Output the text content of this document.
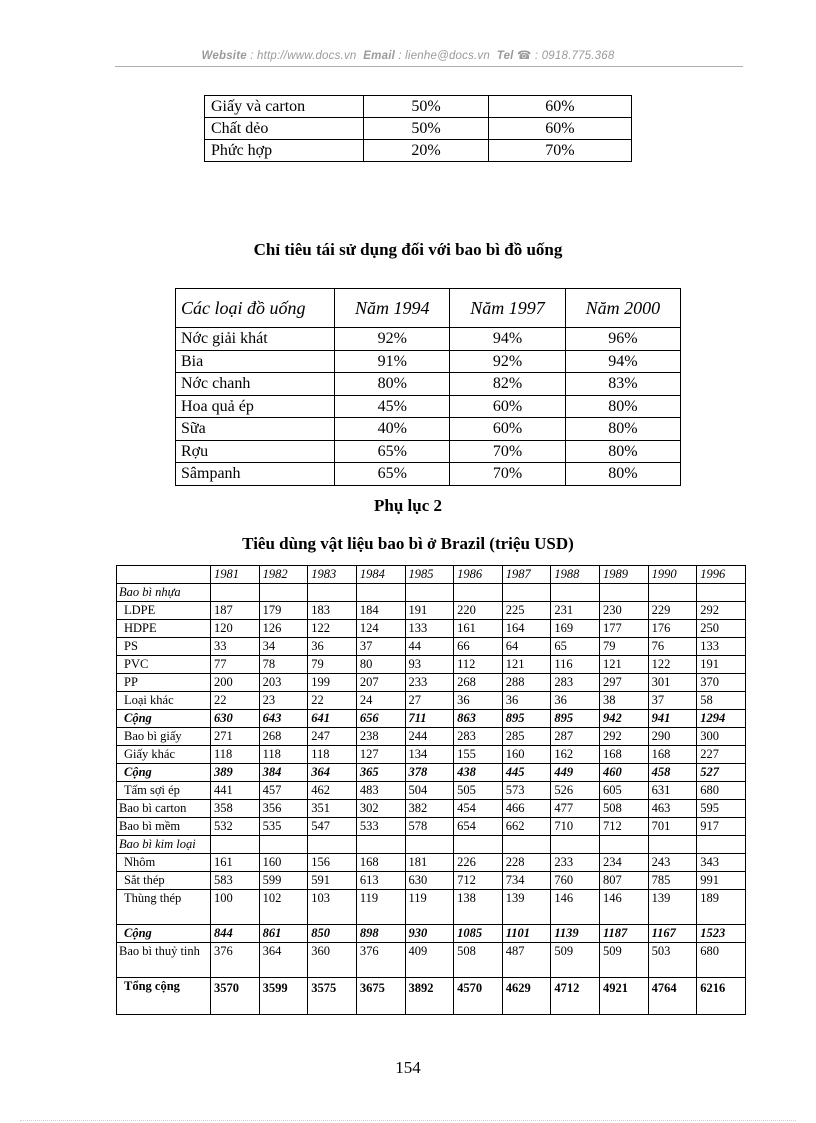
Website : http://www.docs.vn Email : lienhe@docs.vn Tel ☎ : 0918.775.368
Giấy và carton	50%	60%
Chất dẻo	50%	60%
Phức hợp	20%	70%
Chỉ tiêu tái sử dụng đối với bao bì đồ uống
Các loại đồ uống	Năm 1994	Năm 1997	Năm 2000
Nớc giải khát	92%	94%	96%
Bia	91%	92%	94%
Nớc chanh	80%	82%	83%
Hoa quả ép	45%	60%	80%
Sữa	40%	60%	80%
Rợu	65%	70%	80%
Sâmpanh	65%	70%	80%
Phụ lục 2
Tiêu dùng vật liệu bao bì ở Brazil (triệu USD)
	1981	1982	1983	1984	1985	1986	1987	1988	1989	1990	1996
Bao bì nhựa											
LDPE	187	179	183	184	191	220	225	231	230	229	292
HDPE	120	126	122	124	133	161	164	169	177	176	250
PS	33	34	36	37	44	66	64	65	79	76	133
PVC	77	78	79	80	93	112	121	116	121	122	191
PP	200	203	199	207	233	268	288	283	297	301	370
Loại khác	22	23	22	24	27	36	36	36	38	37	58
Cộng	630	643	641	656	711	863	895	895	942	941	1294
Bao bì giấy	271	268	247	238	244	283	285	287	292	290	300
Giấy khác	118	118	118	127	134	155	160	162	168	168	227
Cộng	389	384	364	365	378	438	445	449	460	458	527
Tấm sợi ép	441	457	462	483	504	505	573	526	605	631	680
Bao bì carton	358	356	351	302	382	454	466	477	508	463	595
Bao bì mềm	532	535	547	533	578	654	662	710	712	701	917
Bao bì kim loại											
Nhôm	161	160	156	168	181	226	228	233	234	243	343
Sắt thép	583	599	591	613	630	712	734	760	807	785	991
Thùng thép	100	102	103	119	119	138	139	146	146	139	189
Cộng	844	861	850	898	930	1085	1101	1139	1187	1167	1523
Bao bì thuỷ tinh	376	364	360	376	409	508	487	509	509	503	680
Tổng cộng	3570	3599	3575	3675	3892	4570	4629	4712	4921	4764	6216
154
